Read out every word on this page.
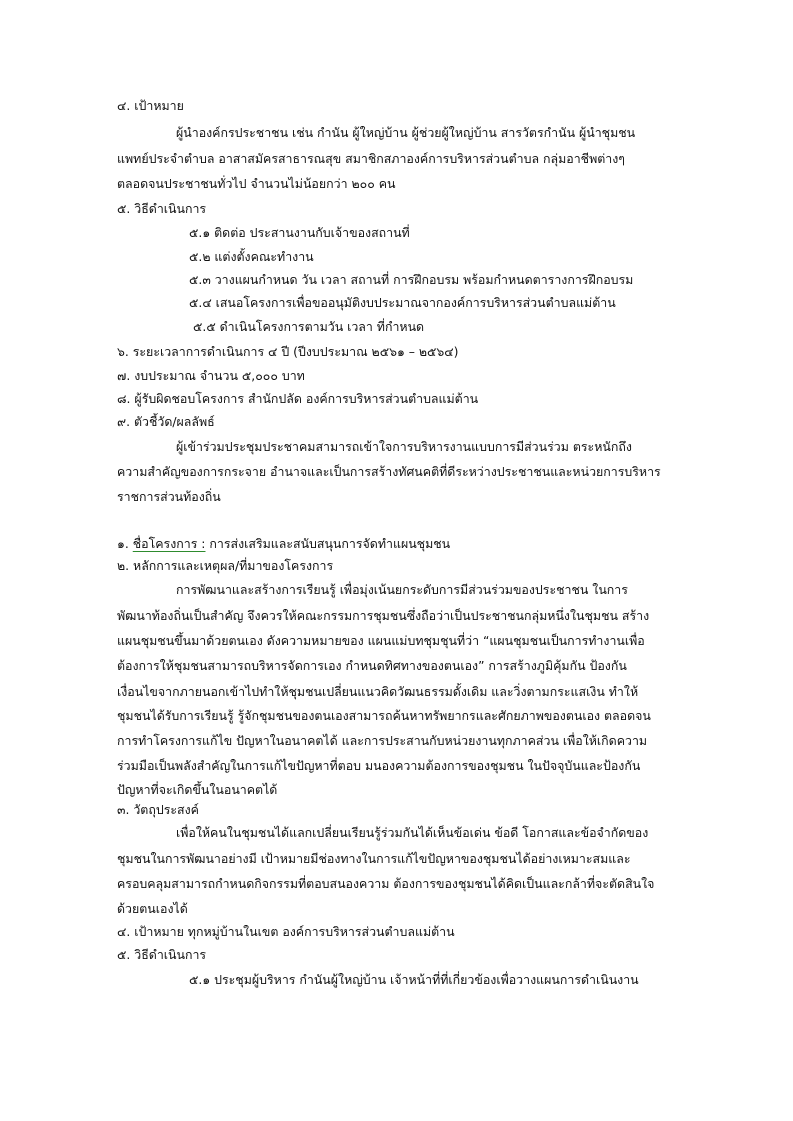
๔. เป้าหมาย
ผู้นำองค์กรประชาชน เช่น กำนัน ผู้ใหญ่บ้าน ผู้ช่วยผู้ใหญ่บ้าน สารวัตรกำนัน ผู้นำชุมชน
แพทย์ประจำตำบล อาสาสมัครสาธารณสุข สมาชิกสภาองค์การบริหารส่วนตำบล กลุ่มอาชีพต่างๆ
ตลอดจนประชาชนทั่วไป จำนวนไม่น้อยกว่า ๒๐๐ คน
๕. วิธีดำเนินการ
๕.๑ ติดต่อ ประสานงานกับเจ้าของสถานที่
๕.๒ แต่งตั้งคณะทำงาน
๕.๓ วางแผนกำหนด วัน เวลา สถานที่ การฝึกอบรม พร้อมกำหนดตารางการฝึกอบรม
๕.๔ เสนอโครงการเพื่อขออนุมัติงบประมาณจากองค์การบริหารส่วนตำบลแม่ต้าน
๕.๕ ดำเนินโครงการตามวัน เวลา ที่กำหนด
๖. ระยะเวลาการดำเนินการ ๔ ปี (ปีงบประมาณ ๒๕๖๑ – ๒๕๖๔)
๗. งบประมาณ จำนวน ๕,๐๐๐ บาท
๘. ผู้รับผิดชอบโครงการ สำนักปลัด องค์การบริหารส่วนตำบลแม่ต้าน
๙. ตัวชี้วัด/ผลลัพธ์
ผู้เข้าร่วมประชุมประชาคมสามารถเข้าใจการบริหารงานแบบการมีส่วนร่วม ตระหนักถึง
ความสำคัญของการกระจาย อำนาจและเป็นการสร้างทัศนคติที่ดีระหว่างประชาชนและหน่วยการบริหาร
ราชการส่วนท้องถิ่น
๑. ชื่อโครงการ : การส่งเสริมและสนับสนุนการจัดทำแผนชุมชน
๒. หลักการและเหตุผล/ที่มาของโครงการ
การพัฒนาและสร้างการเรียนรู้ เพื่อมุ่งเน้นยกระดับการมีส่วนร่วมของประชาชน ในการ
พัฒนาท้องถิ่นเป็นสำคัญ จึงควรให้คณะกรรมการชุมชนซึ่งถือว่าเป็นประชาชนกลุ่มหนึ่งในชุมชน สร้าง
แผนชุมชนขึ้นมาด้วยตนเอง ดังความหมายของ แผนแม่บทชุมชุนที่ว่า “แผนชุมชนเป็นการทำงานเพื่อ
ต้องการให้ชุมชนสามารถบริหารจัดการเอง กำหนดทิศทางของตนเอง” การสร้างภูมิคุ้มกัน ป้องกัน
เงื่อนไขจากภายนอกเข้าไปทำให้ชุมชนเปลี่ยนแนวคิดวัฒนธรรมดั้งเดิม และวิ่งตามกระแสเงิน ทำให้
ชุมชนได้รับการเรียนรู้ รู้จักชุมชนของตนเองสามารถค้นหาทรัพยากรและศักยภาพของตนเอง ตลอดจน
การทำโครงการแก้ไข ปัญหาในอนาคตได้ และการประสานกับหน่วยงานทุกภาคส่วน เพื่อให้เกิดความ
ร่วมมือเป็นพลังสำคัญในการแก้ไขปัญหาที่ตอบ มนองความต้องการของชุมชน ในปัจจุบันและป้องกัน
ปัญหาที่จะเกิดขึ้นในอนาคตได้
๓. วัตถุประสงค์
เพื่อให้คนในชุมชนได้แลกเปลี่ยนเรียนรู้ร่วมกันได้เห็นข้อเด่น ข้อดี โอกาสและข้อจำกัดของ
ชุมชนในการพัฒนาอย่างมี เป้าหมายมีช่องทางในการแก้ไขปัญหาของชุมชนได้อย่างเหมาะสมและ
ครอบคลุมสามารถกำหนดกิจกรรมที่ตอบสนองความ ต้องการของชุมชนได้คิดเป็นและกล้าที่จะตัดสินใจ
ด้วยตนเองได้
๔. เป้าหมาย ทุกหมู่บ้านในเขต องค์การบริหารส่วนตำบลแม่ต้าน
๕. วิธีดำเนินการ
๕.๑ ประชุมผู้บริหาร กำนันผู้ใหญ่บ้าน เจ้าหน้าที่ที่เกี่ยวข้องเพื่อวางแผนการดำเนินงาน
